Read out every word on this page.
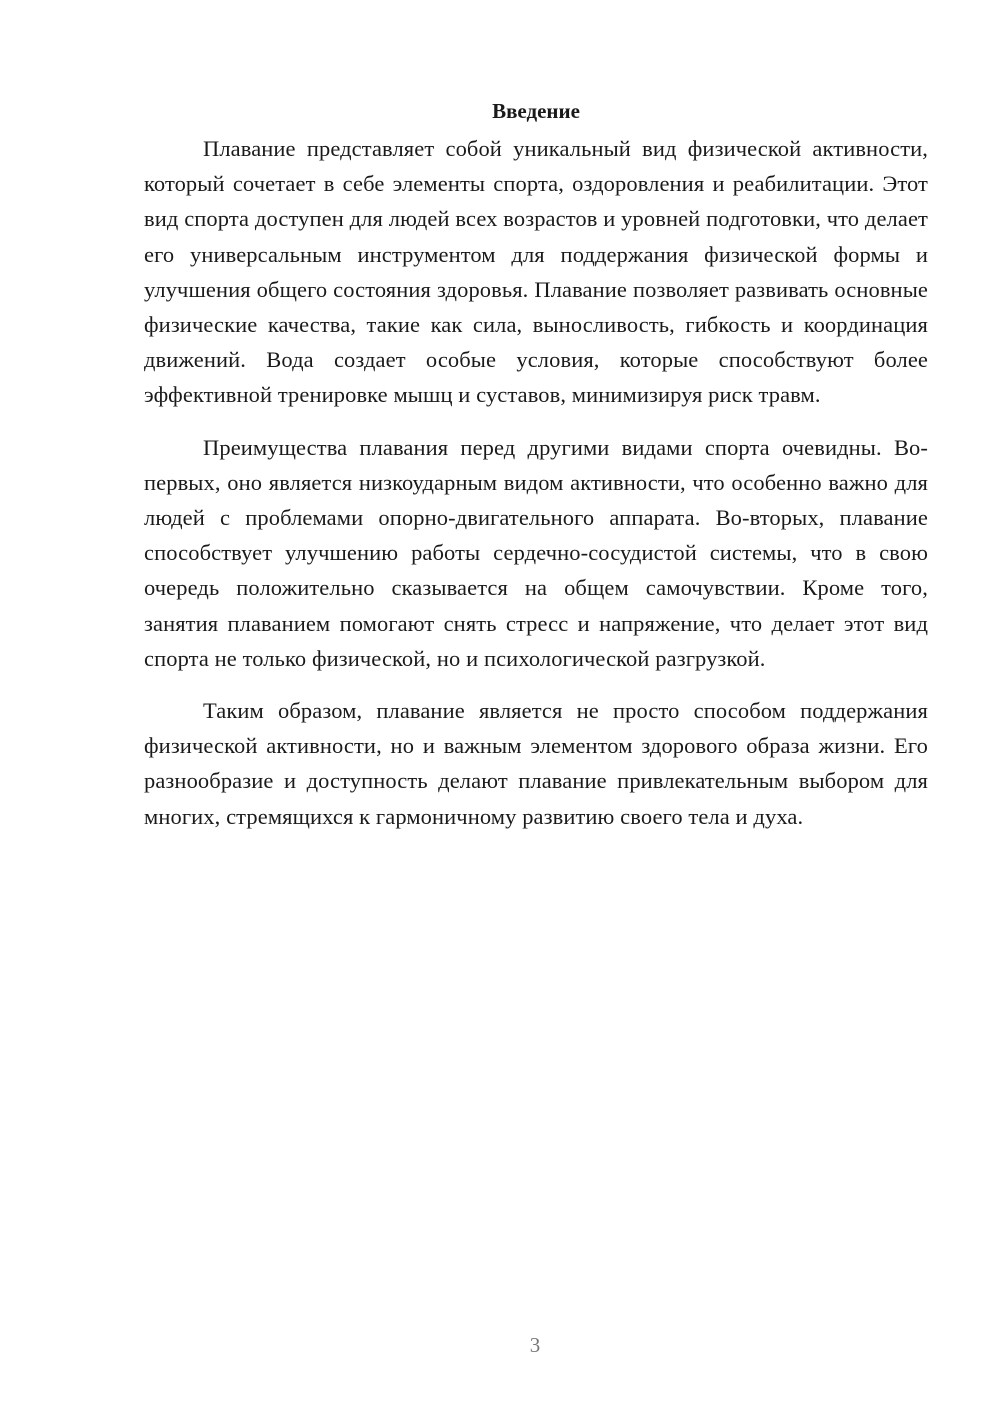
Введение

Плавание представляет собой уникальный вид физической активности, который сочетает в себе элементы спорта, оздоровления и реабилитации. Этот вид спорта доступен для людей всех возрастов и уровней подготовки, что делает его универсальным инструментом для поддержания физической формы и улучшения общего состояния здоровья. Плавание позволяет развивать основные физические качества, такие как сила, выносливость, гибкость и координация движений. Вода создает особые условия, которые способствуют более эффективной тренировке мышц и суставов, минимизируя риск травм.

Преимущества плавания перед другими видами спорта очевидны. Во-первых, оно является низкоударным видом активности, что особенно важно для людей с проблемами опорно-двигательного аппарата. Во-вторых, плавание способствует улучшению работы сердечно-сосудистой системы, что в свою очередь положительно сказывается на общем самочувствии. Кроме того, занятия плаванием помогают снять стресс и напряжение, что делает этот вид спорта не только физической, но и психологической разгрузкой.

Таким образом, плавание является не просто способом поддержания физической активности, но и важным элементом здорового образа жизни. Его разнообразие и доступность делают плавание привлекательным выбором для многих, стремящихся к гармоничному развитию своего тела и духа.

3
